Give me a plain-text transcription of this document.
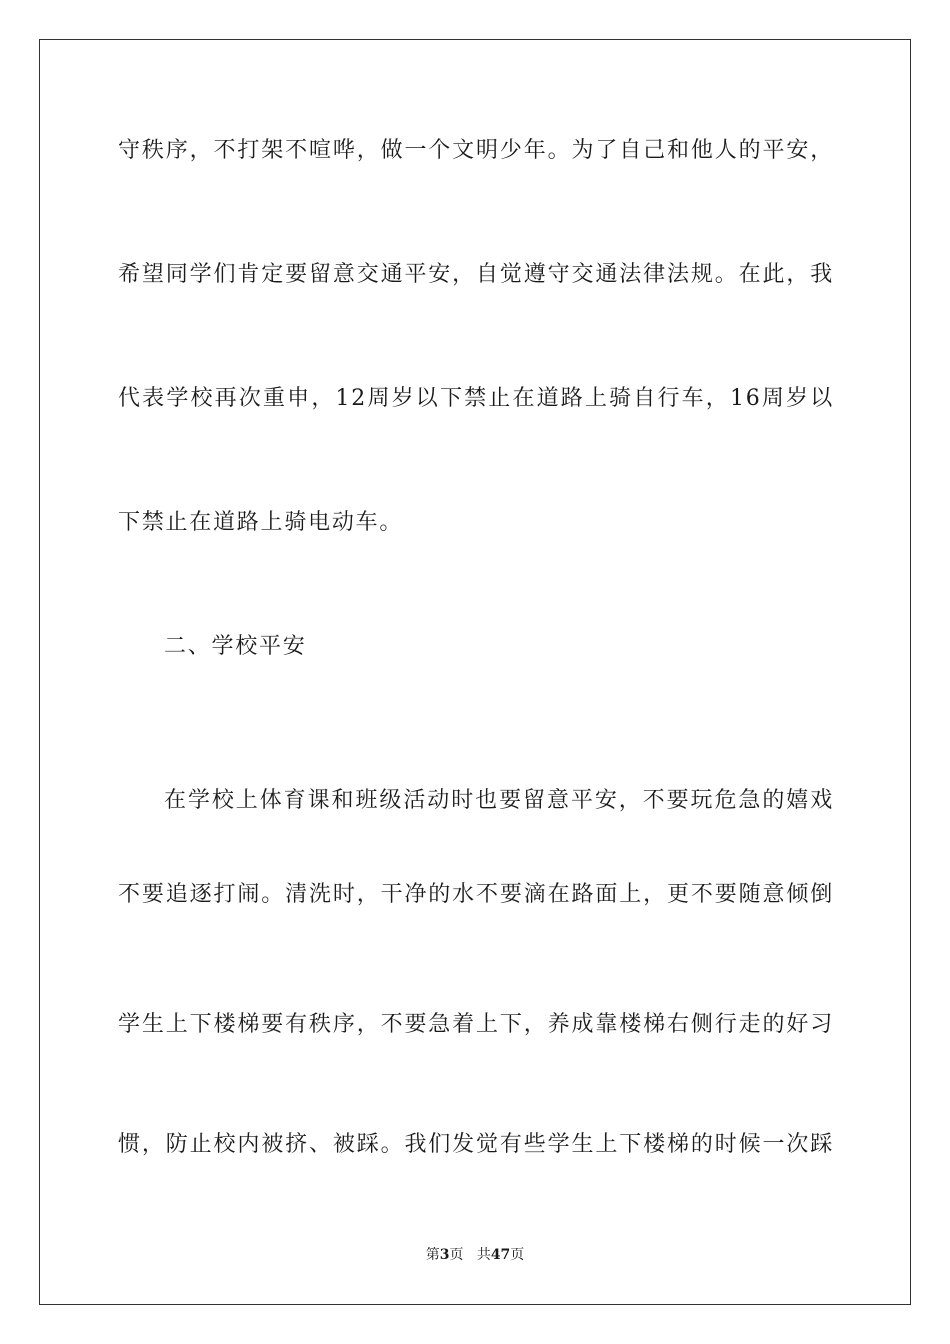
守秩序，不打架不喧哗，做一个文明少年。为了自己和他人的平安，
希望同学们肯定要留意交通平安，自觉遵守交通法律法规。在此，我
代表学校再次重申，12周岁以下禁止在道路上骑自行车，16周岁以
下禁止在道路上骑电动车。
二、学校平安
在学校上体育课和班级活动时也要留意平安，不要玩危急的嬉戏
不要追逐打闹。清洗时，干净的水不要滴在路面上，更不要随意倾倒
学生上下楼梯要有秩序，不要急着上下，养成靠楼梯右侧行走的好习
惯，防止校内被挤、被踩。我们发觉有些学生上下楼梯的时候一次踩
第3页 共47页
